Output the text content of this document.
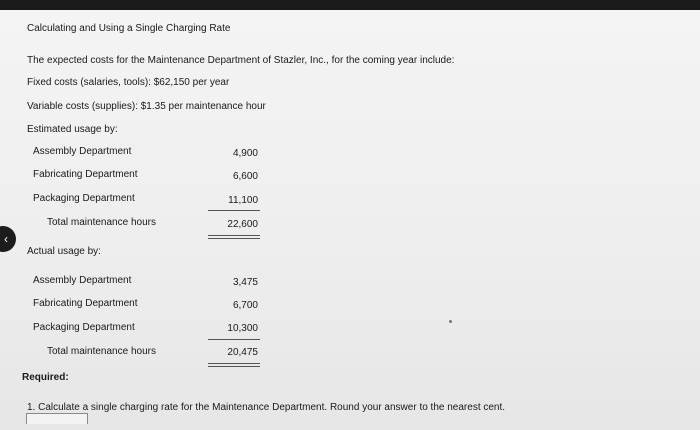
Calculating and Using a Single Charging Rate
The expected costs for the Maintenance Department of Stazler, Inc., for the coming year include:
Fixed costs (salaries, tools): $62,150 per year
Variable costs (supplies): $1.35 per maintenance hour
Estimated usage by:
Assembly Department	4,900
Fabricating Department	6,600
Packaging Department	11,100
Total maintenance hours	22,600
Actual usage by:
Assembly Department	3,475
Fabricating Department	6,700
Packaging Department	10,300
Total maintenance hours	20,475
Required:
1. Calculate a single charging rate for the Maintenance Department. Round your answer to the nearest cent.
‹
